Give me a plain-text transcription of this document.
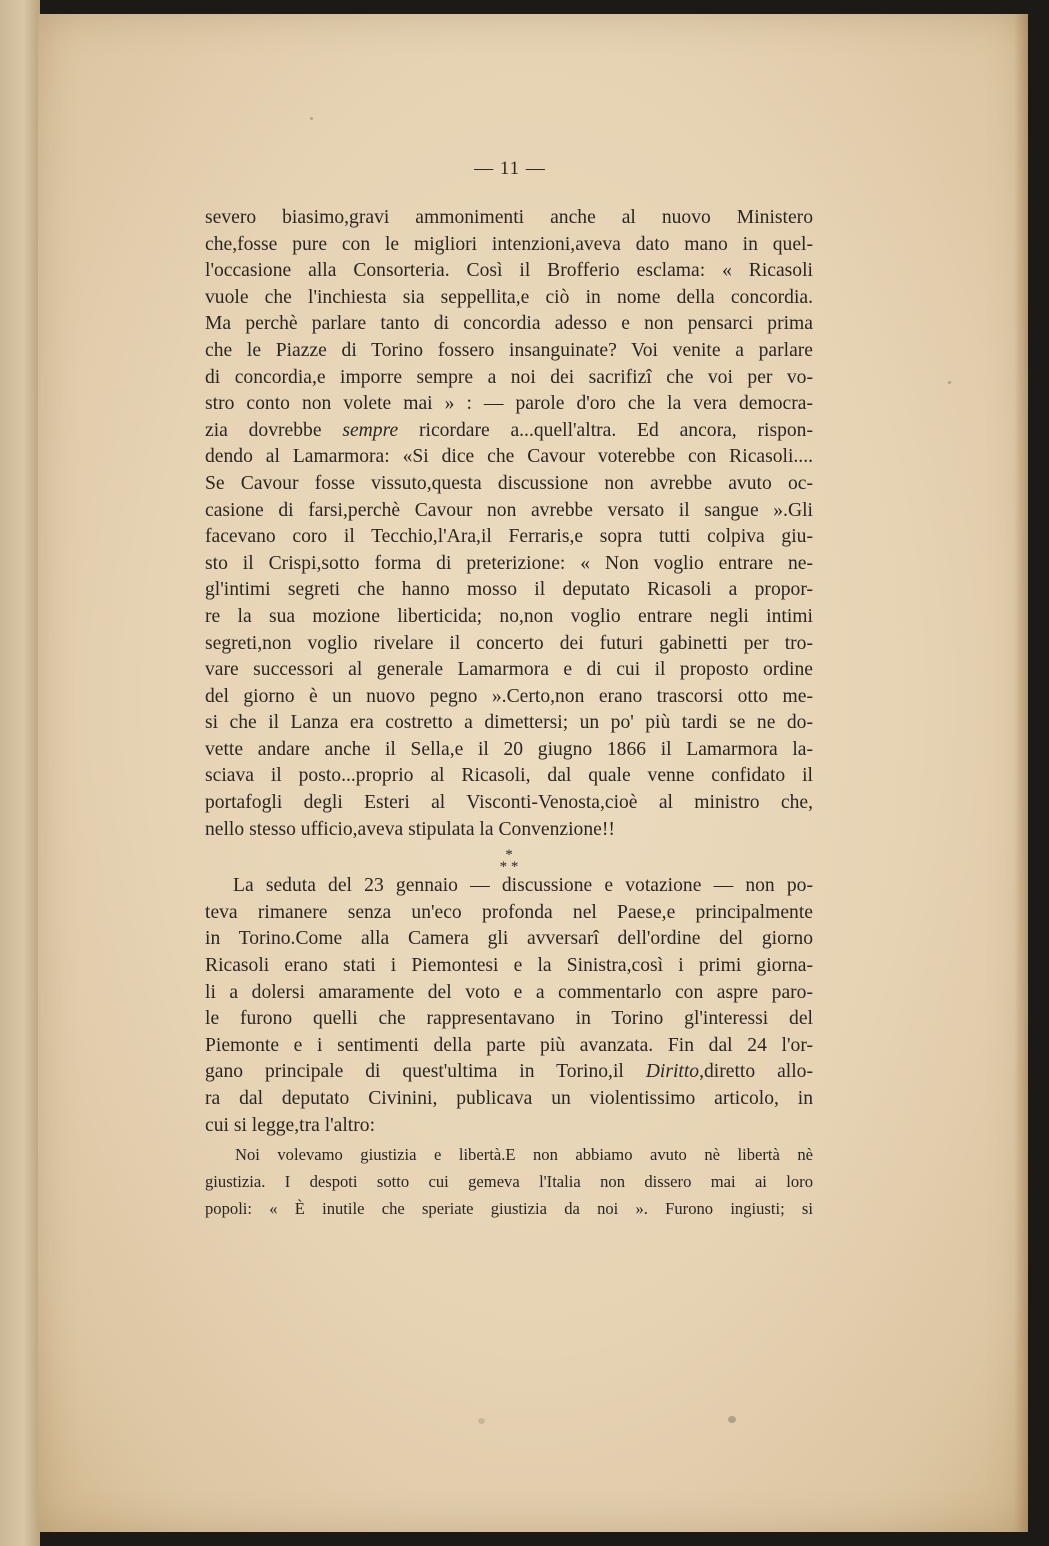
— 11 —
severo biasimo,gravi ammonimenti anche al nuovo Ministero
che,fosse pure con le migliori intenzioni,aveva dato mano in quel-
l'occasione alla Consorteria. Così il Brofferio esclama: « Ricasoli
vuole che l'inchiesta sia seppellita,e ciò in nome della concordia.
Ma perchè parlare tanto di concordia adesso e non pensarci prima
che le Piazze di Torino fossero insanguinate? Voi venite a parlare
di concordia,e imporre sempre a noi dei sacrifizî che voi per vo-
stro conto non volete mai » : — parole d'oro che la vera democra-
zia dovrebbe sempre ricordare a...quell'altra. Ed ancora, rispon-
dendo al Lamarmora: «Si dice che Cavour voterebbe con Ricasoli....
Se Cavour fosse vissuto,questa discussione non avrebbe avuto oc-
casione di farsi,perchè Cavour non avrebbe versato il sangue ».Gli
facevano coro il Tecchio,l'Ara,il Ferraris,e sopra tutti colpiva giu-
sto il Crispi,sotto forma di preterizione: « Non voglio entrare ne-
gl'intimi segreti che hanno mosso il deputato Ricasoli a propor-
re la sua mozione liberticida; no,non voglio entrare negli intimi
segreti,non voglio rivelare il concerto dei futuri gabinetti per tro-
vare successori al generale Lamarmora e di cui il proposto ordine
del giorno è un nuovo pegno ».Certo,non erano trascorsi otto me-
si che il Lanza era costretto a dimettersi; un po' più tardi se ne do-
vette andare anche il Sella,e il 20 giugno 1866 il Lamarmora la-
sciava il posto...proprio al Ricasoli, dal quale venne confidato il
portafogli degli Esteri al Visconti-Venosta,cioè al ministro che,
nello stesso ufficio,aveva stipulata la Convenzione!!
*
* *
La seduta del 23 gennaio — discussione e votazione — non po-
teva rimanere senza un'eco profonda nel Paese,e principalmente
in Torino.Come alla Camera gli avversarî dell'ordine del giorno
Ricasoli erano stati i Piemontesi e la Sinistra,così i primi giorna-
li a dolersi amaramente del voto e a commentarlo con aspre paro-
le furono quelli che rappresentavano in Torino gl'interessi del
Piemonte e i sentimenti della parte più avanzata. Fin dal 24 l'or-
gano principale di quest'ultima in Torino,il Diritto,diretto allo-
ra dal deputato Civinini, publicava un violentissimo articolo, in
cui si legge,tra l'altro:
Noi volevamo giustizia e libertà.E non abbiamo avuto nè libertà nè
giustizia. I despoti sotto cui gemeva l'Italia non dissero mai ai loro
popoli: « È inutile che speriate giustizia da noi ». Furono ingiusti; si
